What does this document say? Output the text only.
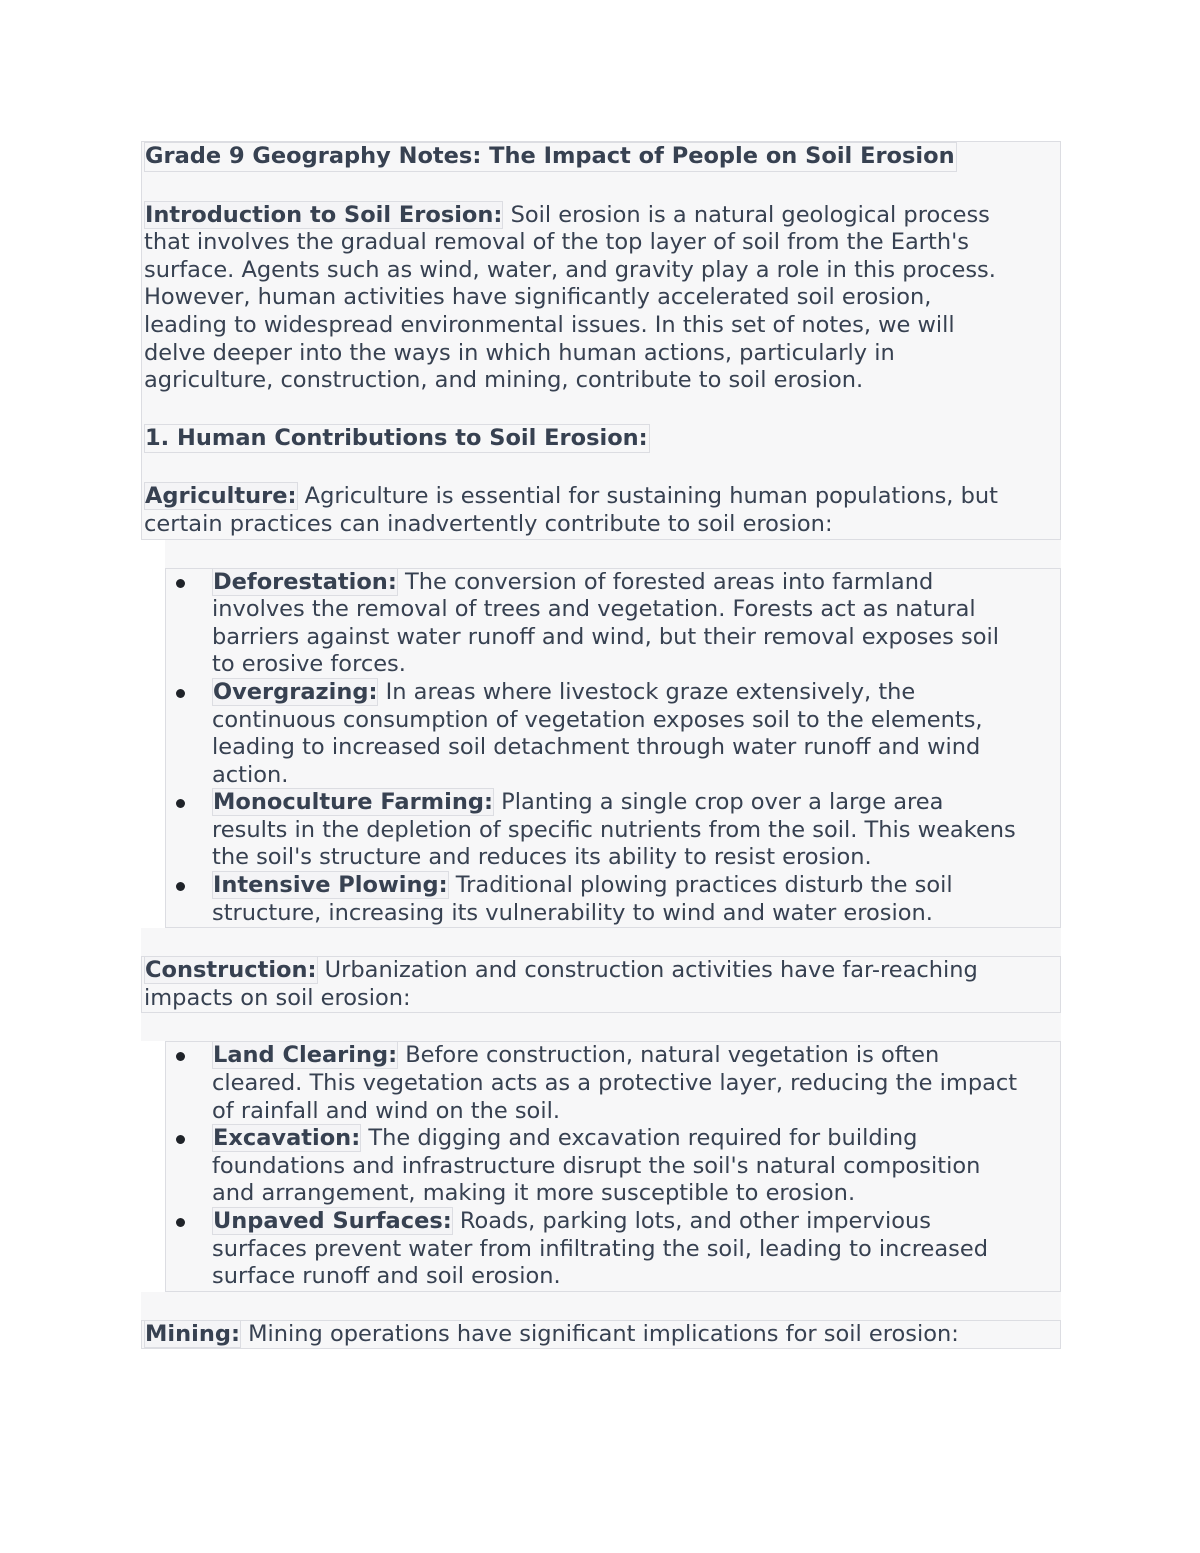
Grade 9 Geography Notes: The Impact of People on Soil Erosion
Introduction to Soil Erosion: Soil erosion is a natural geological process
that involves the gradual removal of the top layer of soil from the Earth's
surface. Agents such as wind, water, and gravity play a role in this process.
However, human activities have significantly accelerated soil erosion,
leading to widespread environmental issues. In this set of notes, we will
delve deeper into the ways in which human actions, particularly in
agriculture, construction, and mining, contribute to soil erosion.
1. Human Contributions to Soil Erosion:
Agriculture: Agriculture is essential for sustaining human populations, but
certain practices can inadvertently contribute to soil erosion:
Deforestation: The conversion of forested areas into farmland
involves the removal of trees and vegetation. Forests act as natural
barriers against water runoff and wind, but their removal exposes soil
to erosive forces.
Overgrazing: In areas where livestock graze extensively, the
continuous consumption of vegetation exposes soil to the elements,
leading to increased soil detachment through water runoff and wind
action.
Monoculture Farming: Planting a single crop over a large area
results in the depletion of specific nutrients from the soil. This weakens
the soil's structure and reduces its ability to resist erosion.
Intensive Plowing: Traditional plowing practices disturb the soil
structure, increasing its vulnerability to wind and water erosion.
Construction: Urbanization and construction activities have far-reaching
impacts on soil erosion:
Land Clearing: Before construction, natural vegetation is often
cleared. This vegetation acts as a protective layer, reducing the impact
of rainfall and wind on the soil.
Excavation: The digging and excavation required for building
foundations and infrastructure disrupt the soil's natural composition
and arrangement, making it more susceptible to erosion.
Unpaved Surfaces: Roads, parking lots, and other impervious
surfaces prevent water from infiltrating the soil, leading to increased
surface runoff and soil erosion.
Mining: Mining operations have significant implications for soil erosion:
